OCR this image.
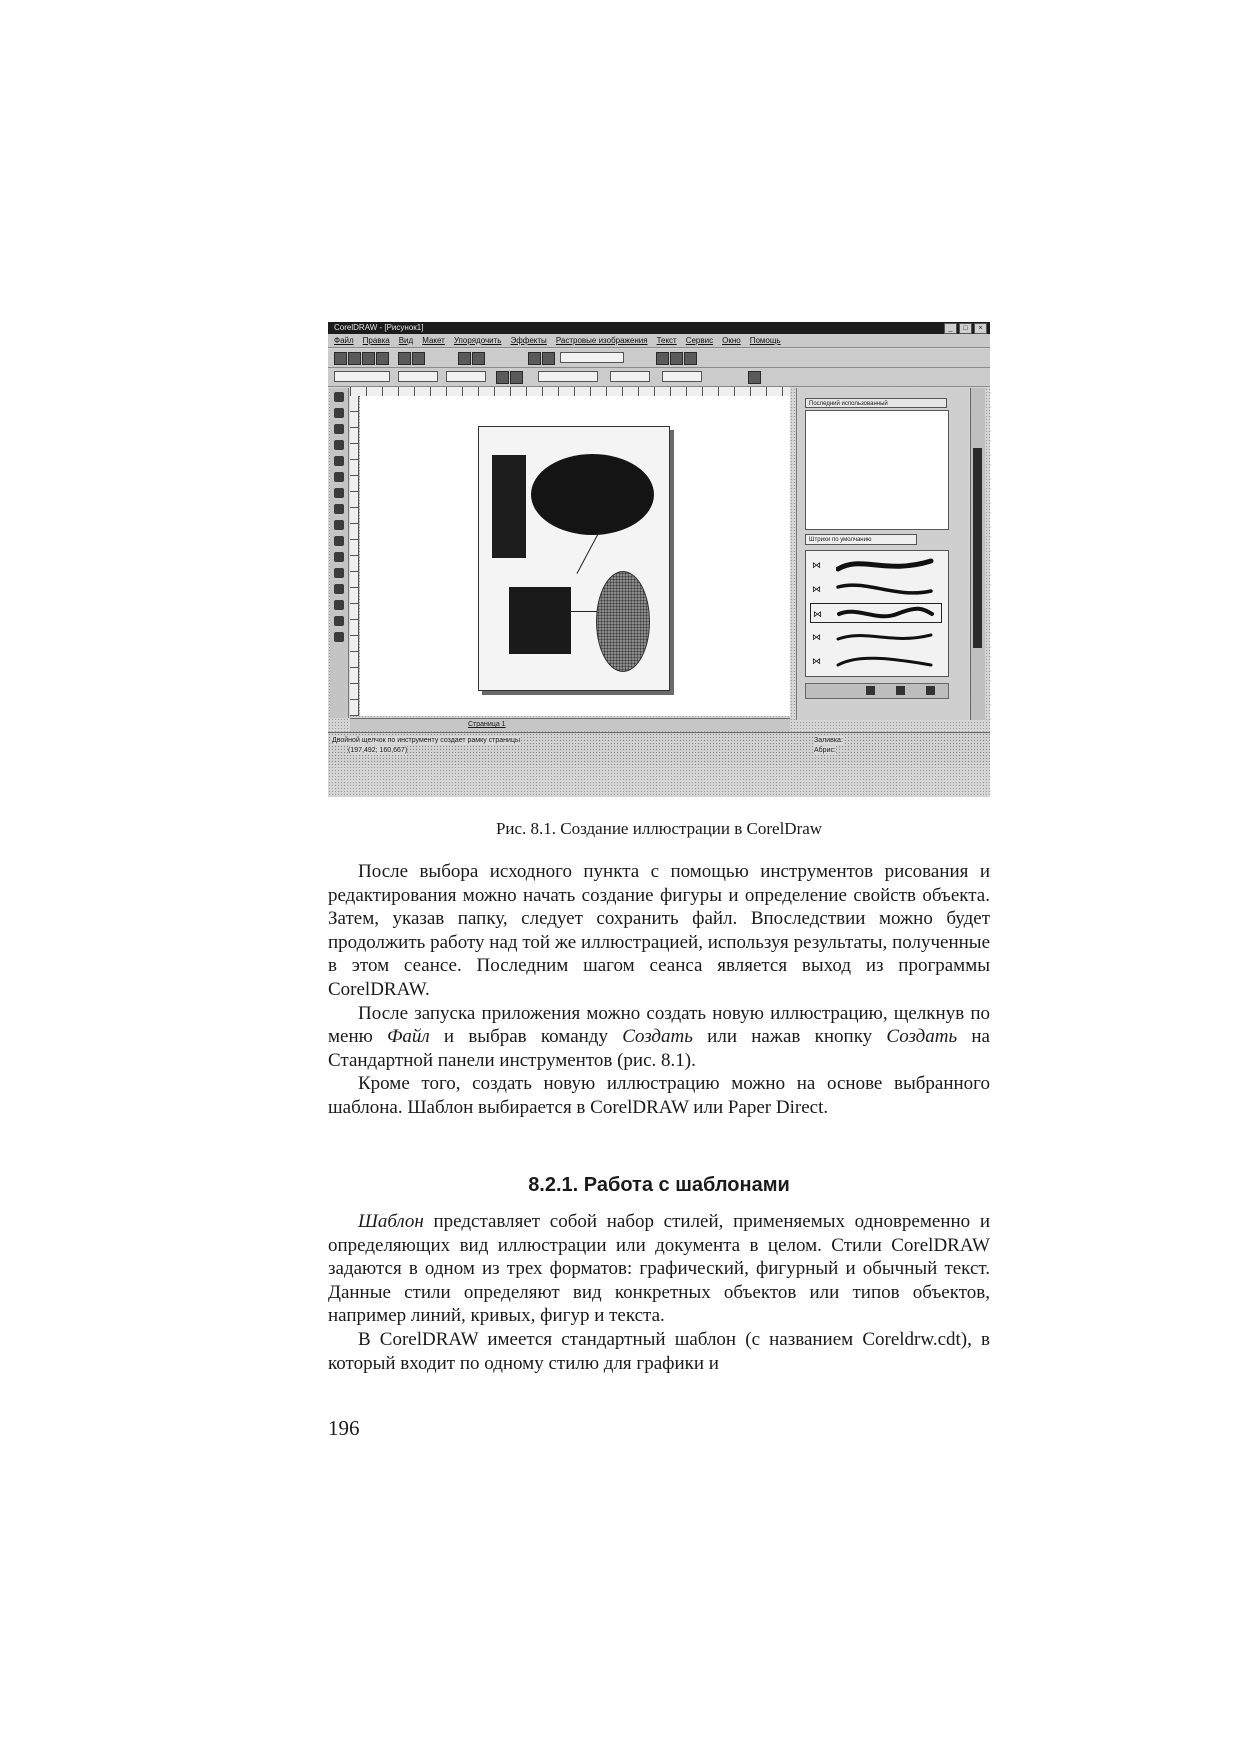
CorelDRAW - [Рисунок1]	_	□	×
Файл Правка Вид Макет Упорядочить Эффекты Растровые изображения Текст Сервис Окно Помощь
Последний использованный
Штрихи по умолчанию
⋈
⋈
⋈
⋈
⋈
Страница 1
Двойной щелчок по инструменту создает рамку страницы
(197,492; 160,667)
Заливка:
Абрис:
Рис. 8.1. Создание иллюстрации в CorelDraw

После выбора исходного пункта с помощью инструментов рисования и редактирования можно начать создание фигуры и определение свойств объекта. Затем, указав папку, следует сохранить файл. Впоследствии можно будет продолжить работу над той же иллюстрацией, используя результаты, полученные в этом сеансе. Последним шагом сеанса является выход из программы CorelDRAW.

После запуска приложения можно создать новую иллюстрацию, щелкнув по меню Файл и выбрав команду Создать или нажав кнопку Создать на Стандартной панели инструментов (рис. 8.1).

Кроме того, создать новую иллюстрацию можно на основе выбранного шаблона. Шаблон выбирается в CorelDRAW или Paper Direct.

8.2.1. Работа с шаблонами

Шаблон представляет собой набор стилей, применяемых одновременно и определяющих вид иллюстрации или документа в целом. Стили CorelDRAW задаются в одном из трех форматов: графический, фигурный и обычный текст. Данные стили определяют вид конкретных объектов или типов объектов, например линий, кривых, фигур и текста.

В CorelDRAW имеется стандартный шаблон (с названием Coreldrw.cdt), в который входит по одному стилю для графики и

196
